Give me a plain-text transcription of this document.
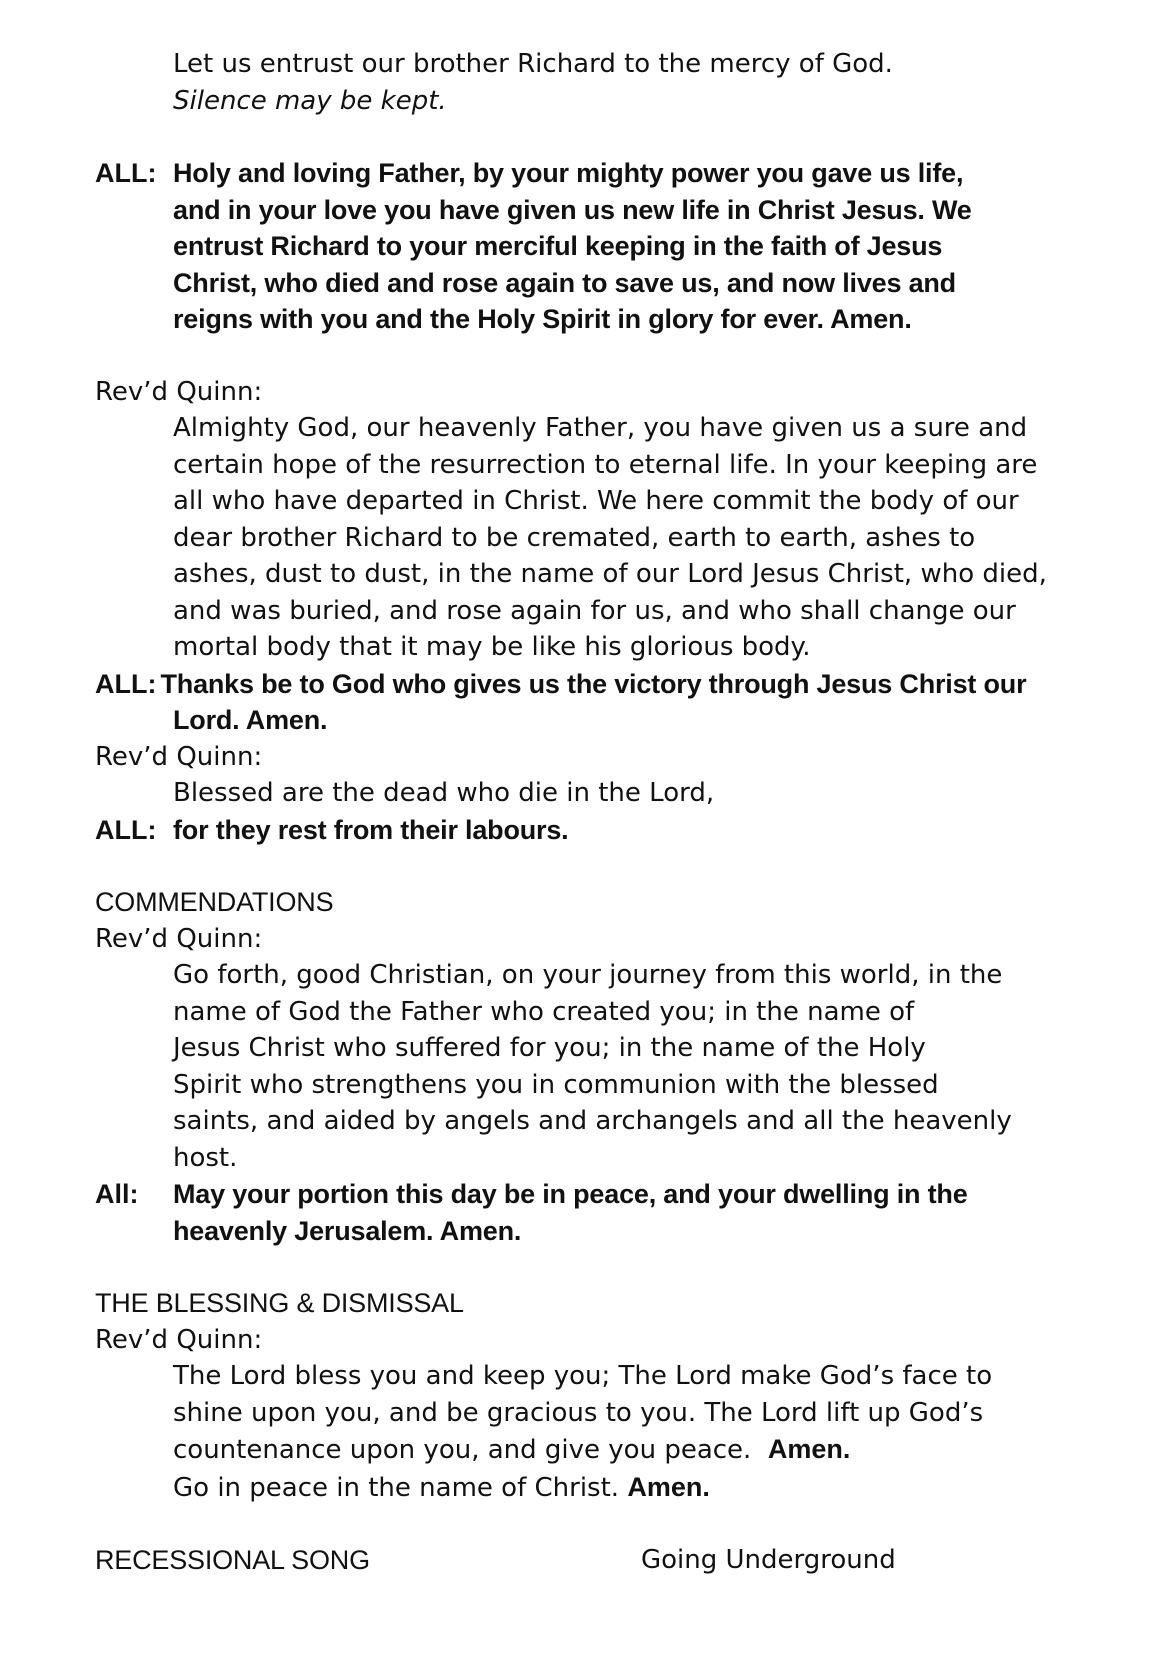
Let us entrust our brother Richard to the mercy of God.
Silence may be kept.
ALL: Holy and loving Father, by your mighty power you gave us life,
and in your love you have given us new life in Christ Jesus. We
entrust Richard to your merciful keeping in the faith of Jesus
Christ, who died and rose again to save us, and now lives and
reigns with you and the Holy Spirit in glory for ever. Amen.
Rev’d Quinn:
Almighty God, our heavenly Father, you have given us a sure and
certain hope of the resurrection to eternal life. In your keeping are
all who have departed in Christ. We here commit the body of our
dear brother Richard to be cremated, earth to earth, ashes to
ashes, dust to dust, in the name of our Lord Jesus Christ, who died,
and was buried, and rose again for us, and who shall change our
mortal body that it may be like his glorious body.
ALL: Thanks be to God who gives us the victory through Jesus Christ our
Lord. Amen.
Rev’d Quinn:
Blessed are the dead who die in the Lord,
ALL: for they rest from their labours.
COMMENDATIONS
Rev’d Quinn:
Go forth, good Christian, on your journey from this world, in the
name of God the Father who created you; in the name of
Jesus Christ who suffered for you; in the name of the Holy
Spirit who strengthens you in communion with the blessed
saints, and aided by angels and archangels and all the heavenly
host.
All:	May your portion this day be in peace, and your dwelling in the
heavenly Jerusalem. Amen.
THE BLESSING & DISMISSAL
Rev’d Quinn:
The Lord bless you and keep you; The Lord make God’s face to
shine upon you, and be gracious to you. The Lord lift up God’s
countenance upon you, and give you peace. Amen.
Go in peace in the name of Christ. Amen.
RECESSIONAL SONG	Going Underground
